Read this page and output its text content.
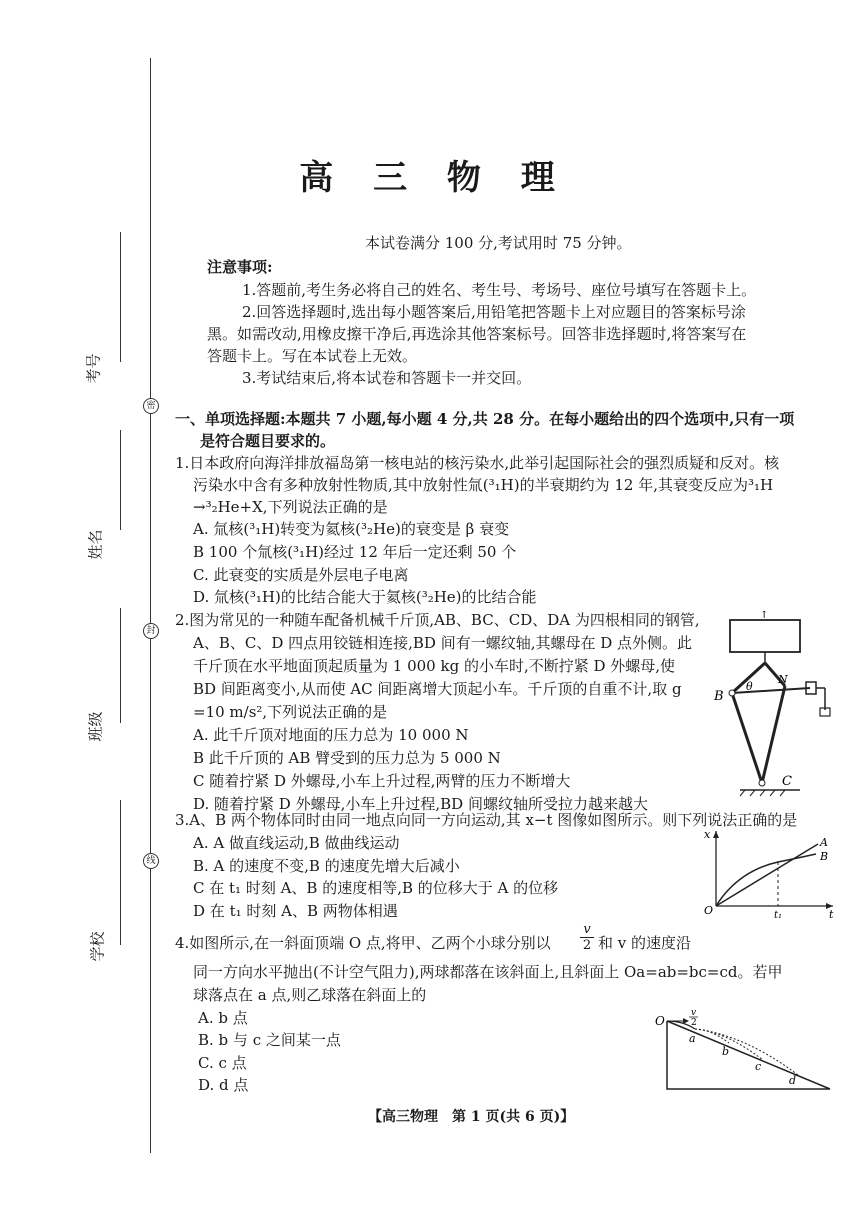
密
封
线
考号
姓名
班级
学校
高 三 物 理
本试卷满分 100 分,考试用时 75 分钟。
注意事项:
1.答题前,考生务必将自己的姓名、考生号、考场号、座位号填写在答题卡上。
2.回答选择题时,选出每小题答案后,用铅笔把答题卡上对应题目的答案标号涂
黑。如需改动,用橡皮擦干净后,再选涂其他答案标号。回答非选择题时,将答案写在
答题卡上。写在本试卷上无效。
3.考试结束后,将本试卷和答题卡一并交回。
一、单项选择题:本题共 7 小题,每小题 4 分,共 28 分。在每小题给出的四个选项中,只有一项
是符合题目要求的。
1.日本政府向海洋排放福岛第一核电站的核污染水,此举引起国际社会的强烈质疑和反对。核
污染水中含有多种放射性物质,其中放射性氚(³₁H)的半衰期约为 12 年,其衰变反应为³₁H
→³₂He+X,下列说法正确的是
A. 氚核(³₁H)转变为氦核(³₂He)的衰变是 β 衰变
B 100 个氚核(³₁H)经过 12 年后一定还剩 50 个
C. 此衰变的实质是外层电子电离
D. 氚核(³₁H)的比结合能大于氦核(³₂He)的比结合能
2.图为常见的一种随车配备机械千斤顶,AB、BC、CD、DA 为四根相同的钢管,
A、B、C、D 四点用铰链相连接,BD 间有一螺纹轴,其螺母在 D 点外侧。此
千斤顶在水平地面顶起质量为 1 000 kg 的小车时,不断拧紧 D 外螺母,使
BD 间距离变小,从而使 AC 间距离增大顶起小车。千斤顶的自重不计,取 g
=10 m/s²,下列说法正确的是
A. 此千斤顶对地面的压力总为 10 000 N
B 此千斤顶的 AB 臂受到的压力总为 5 000 N
C 随着拧紧 D 外螺母,小车上升过程,两臂的压力不断增大
D. 随着拧紧 D 外螺母,小车上升过程,BD 间螺纹轴所受拉力越来越大
↑
B
C
θ
N
3.A、B 两个物体同时由同一地点向同一方向运动,其 x−t 图像如图所示。则下列说法正确的是
A. A 做直线运动,B 做曲线运动
B. A 的速度不变,B 的速度先增大后减小
C 在 t₁ 时刻 A、B 的速度相等,B 的位移大于 A 的位移
D 在 t₁ 时刻 A、B 两物体相遇
x
t
O	t₁
A
B
4.如图所示,在一斜面顶端 O 点,将甲、乙两个小球分别以 $\frac{v}{2}$ 和 v 的速度沿
同一方向水平抛出(不计空气阻力),两球都落在该斜面上,且斜面上 Oa=ab=bc=cd。若甲
球落点在 a 点,则乙球落在斜面上的
A. b 点
B. b 与 c 之间某一点
C. c 点
D. d 点
O
a
b
c
d
v
2
【高三物理　第 1 页(共 6 页)】
